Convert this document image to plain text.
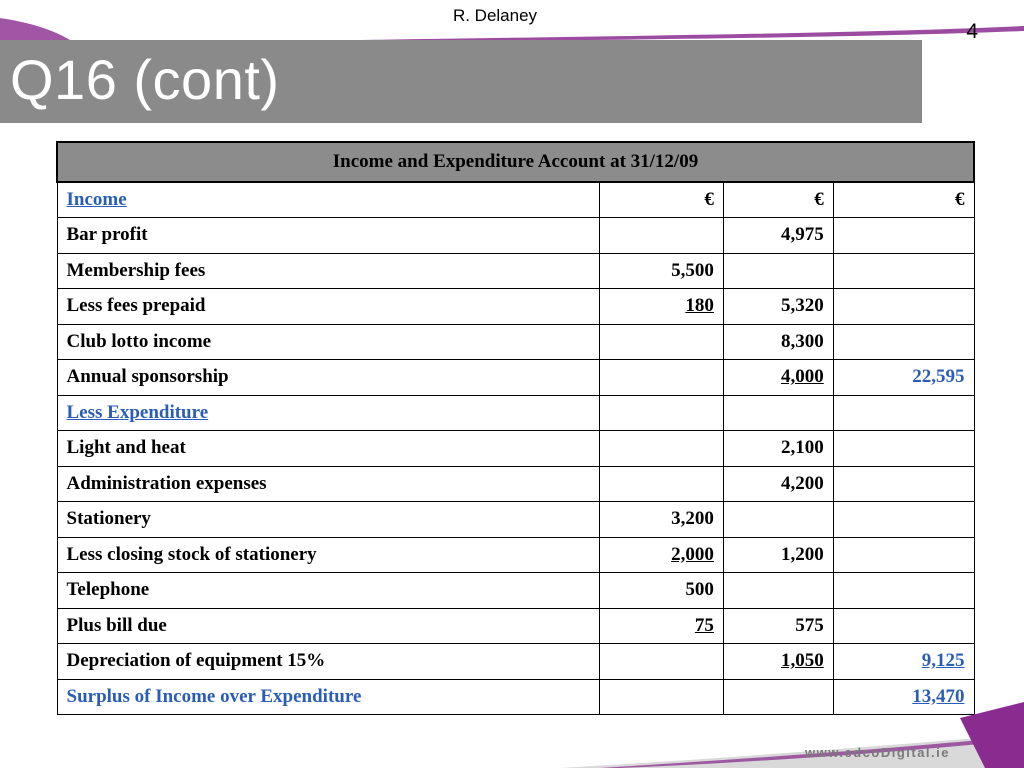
R. Delaney
4
Q16 (cont)
Income and Expenditure Account at 31/12/09			
Income	€	€	€
Bar profit		4,975	
Membership fees	5,500		
Less fees prepaid	180	5,320	
Club lotto income		8,300	
Annual sponsorship		4,000	22,595
Less Expenditure			
Light and heat		2,100	
Administration expenses		4,200	
Stationery	3,200		
Less closing stock of stationery	2,000	1,200	
Telephone	500		
Plus bill due	75	575	
Depreciation of equipment 15%		1,050	9,125
Surplus of Income over Expenditure			13,470
www.edcoDigital.ie
